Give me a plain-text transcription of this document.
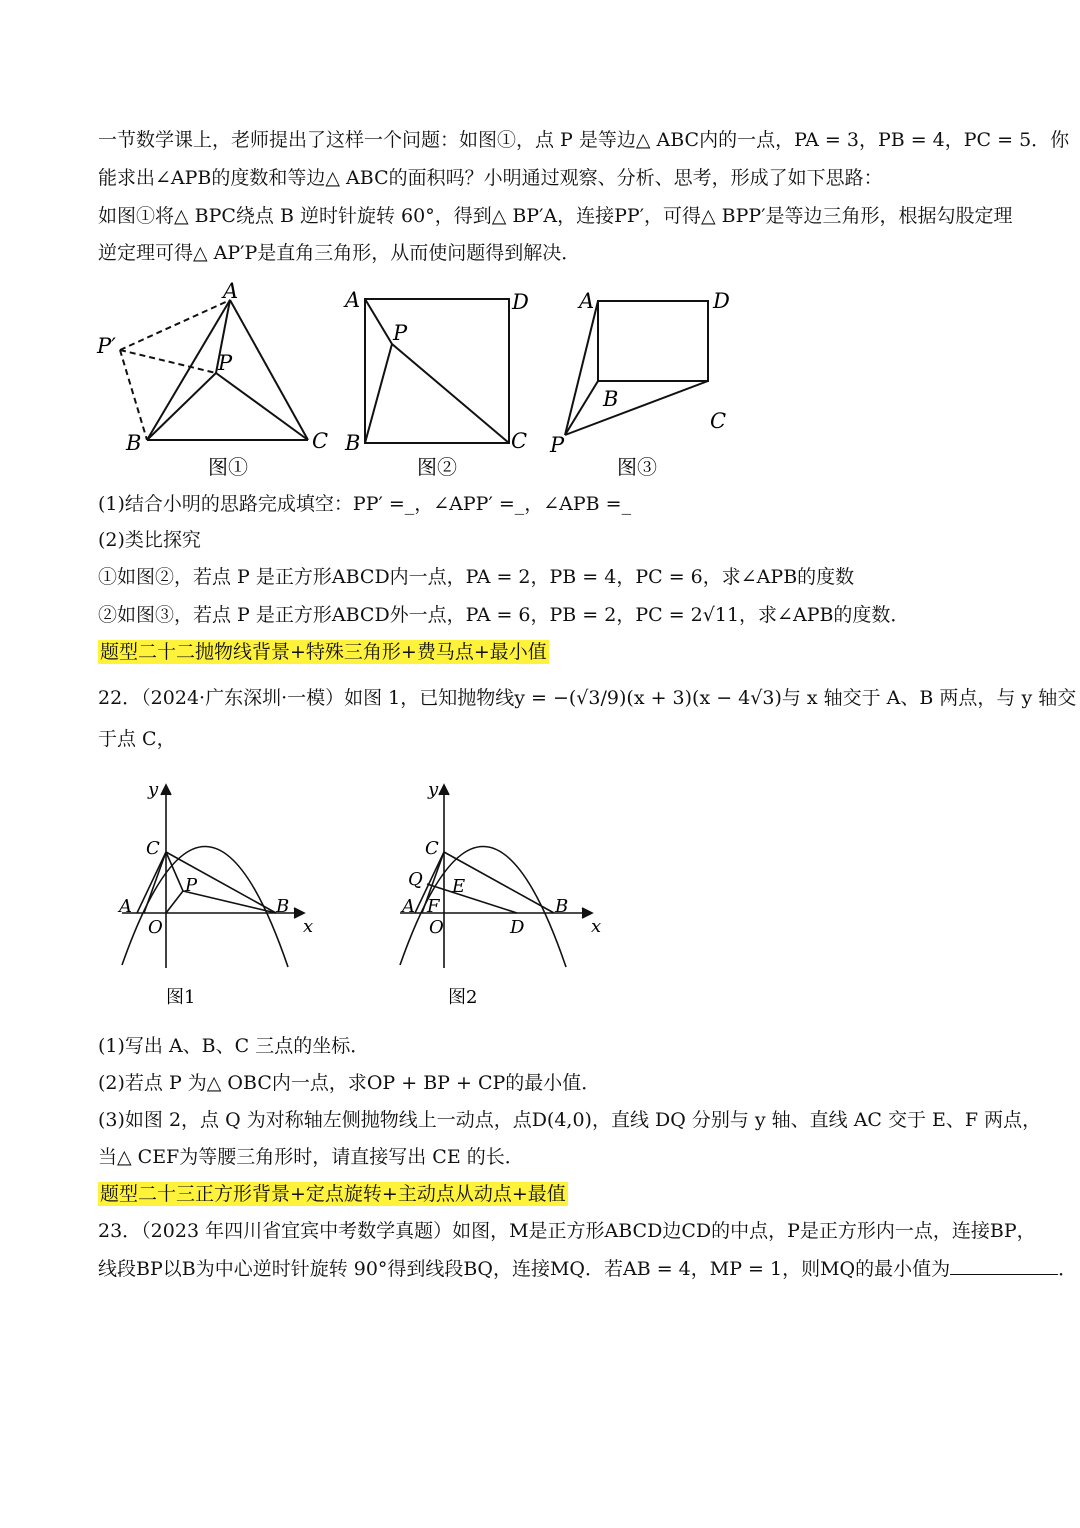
一节数学课上，老师提出了这样一个问题：如图①，点 P 是等边△ ABC内的一点，PA = 3，PB = 4，PC = 5．你
能求出∠APB的度数和等边△ ABC的面积吗？小明通过观察、分析、思考，形成了如下思路：
如图①将△ BPC绕点 B 逆时针旋转 60°，得到△ BP′A，连接PP′，可得△ BPP′是等边三角形，根据勾股定理
逆定理可得△ AP′P是直角三角形，从而使问题得到解决．
A
P
P′
B	C
图①
A	D
P
B	C
图②
A	D
B
C
P
图③
(1)结合小明的思路完成填空：PP′ =_，∠APP′ =_，∠APB =_
(2)类比探究
①如图②，若点 P 是正方形ABCD内一点，PA = 2，PB = 4，PC = 6，求∠APB的度数
②如图③，若点 P 是正方形ABCD外一点，PA = 6，PB = 2，PC = 2√11，求∠APB的度数．
题型二十二抛物线背景+特殊三角形+费马点+最小值
22．（2024·广东深圳·一模）如图 1，已知抛物线y = −(√3/9)(x + 3)(x − 4√3)与 x 轴交于 A、B 两点，与 y 轴交
于点 C，
y
C
P
A	B
O	x
图1
y
C
Q E
A F	B
O	D	x
图2
(1)写出 A、B、C 三点的坐标．
(2)若点 P 为△ OBC内一点，求OP + BP + CP的最小值．
(3)如图 2，点 Q 为对称轴左侧抛物线上一动点，点D(4,0)，直线 DQ 分别与 y 轴、直线 AC 交于 E、F 两点，
当△ CEF为等腰三角形时，请直接写出 CE 的长．
题型二十三正方形背景+定点旋转+主动点从动点+最值
23．（2023 年四川省宜宾中考数学真题）如图，M是正方形ABCD边CD的中点，P是正方形内一点，连接BP，
线段BP以B为中心逆时针旋转 90°得到线段BQ，连接MQ．若AB = 4，MP = 1，则MQ的最小值为	．
